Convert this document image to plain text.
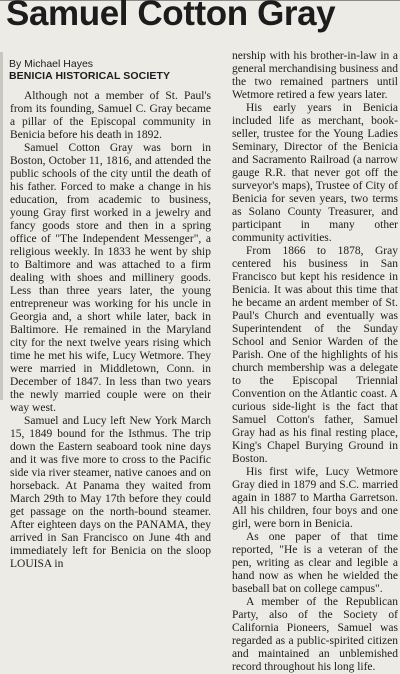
Samuel Cotton Gray
By Michael Hayes
BENICIA HISTORICAL SOCIETY

Although not a member of St. Paul's from its founding, Samuel C. Gray became a pillar of the Episcopal community in Benicia before his death in 1892.

Samuel Cotton Gray was born in Boston, October 11, 1816, and attended the public schools of the city until the death of his father. Forced to make a change in his education, from academic to business, young Gray first worked in a jewelry and fancy goods store and then in a spring office of "The Independent Messenger", a religious weekly. In 1833 he went by ship to Baltimore and was attached to a firm dealing with shoes and millinery goods. Less than three years later, the young entrepreneur was working for his uncle in Georgia and, a short while later, back in Baltimore. He remained in the Maryland city for the next twelve years rising which time he met his wife, Lucy Wetmore. They were married in Middletown, Conn. in December of 1847. In less than two years the newly married couple were on their way west.

Samuel and Lucy left New York March 15, 1849 bound for the Isthmus. The trip down the Eastern seaboard took nine days and it was five more to cross to the Pacific side via river steamer, native canoes and on horseback. At Panama they waited from March 29th to May 17th before they could get passage on the north-bound steamer. After eighteen days on the PANAMA, they arrived in San Francisco on June 4th and immediately left for Benicia on the sloop LOUISA in

nership with his brother-in-law in a general merchandising business and the two remained partners until Wetmore retired a few years later.

His early years in Benicia included life as merchant, book-seller, trustee for the Young Ladies Seminary, Director of the Benicia and Sacramento Railroad (a narrow gauge R.R. that never got off the surveyor's maps), Trustee of City of Benicia for seven years, two terms as Solano County Treasurer, and participant in many other community activities.

From 1866 to 1878, Gray centered his business in San Francisco but kept his residence in Benicia. It was about this time that he became an ardent member of St. Paul's Church and eventually was Superintendent of the Sunday School and Senior Warden of the Parish. One of the highlights of his church membership was a delegate to the Episcopal Triennial Convention on the Atlantic coast. A curious side-light is the fact that Samuel Cotton's father, Samuel Gray had as his final resting place, King's Chapel Burying Ground in Boston.

His first wife, Lucy Wetmore Gray died in 1879 and S.C. married again in 1887 to Martha Garretson. All his children, four boys and one girl, were born in Benicia.

As one paper of that time reported, "He is a veteran of the pen, writing as clear and legible a hand now as when he wielded the baseball bat on college campus".

A member of the Republican Party, also of the Society of California Pioneers, Samuel was regarded as a public-spirited citizen and maintained an unblemished record throughout his long life.
